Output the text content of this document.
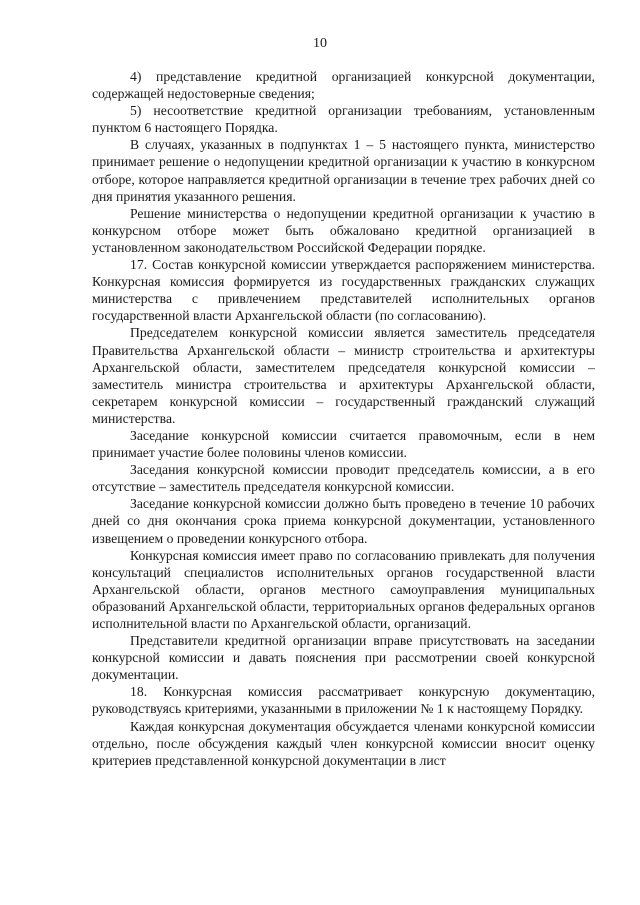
10

4) представление кредитной организацией конкурсной документации, содержащей недостоверные сведения;

5) несоответствие кредитной организации требованиям, установленным пунктом 6 настоящего Порядка.

В случаях, указанных в подпунктах 1 – 5 настоящего пункта, министерство принимает решение о недопущении кредитной организации к участию в конкурсном отборе, которое направляется кредитной организации в течение трех рабочих дней со дня принятия указанного решения.

Решение министерства о недопущении кредитной организации к участию в конкурсном отборе может быть обжаловано кредитной организацией в установленном законодательством Российской Федерации порядке.

17. Состав конкурсной комиссии утверждается распоряжением министерства. Конкурсная комиссия формируется из государственных гражданских служащих министерства с привлечением представителей исполнительных органов государственной власти Архангельской области (по согласованию).

Председателем конкурсной комиссии является заместитель председателя Правительства Архангельской области – министр строительства и архитектуры Архангельской области, заместителем председателя конкурсной комиссии – заместитель министра строительства и архитектуры Архангельской области, секретарем конкурсной комиссии – государственный гражданский служащий министерства.

Заседание конкурсной комиссии считается правомочным, если в нем принимает участие более половины членов комиссии.

Заседания конкурсной комиссии проводит председатель комиссии, а в его отсутствие – заместитель председателя конкурсной комиссии.

Заседание конкурсной комиссии должно быть проведено в течение 10 рабочих дней со дня окончания срока приема конкурсной документации, установленного извещением о проведении конкурсного отбора.

Конкурсная комиссия имеет право по согласованию привлекать для получения консультаций специалистов исполнительных органов государственной власти Архангельской области, органов местного самоуправления муниципальных образований Архангельской области, территориальных органов федеральных органов исполнительной власти по Архангельской области, организаций.

Представители кредитной организации вправе присутствовать на заседании конкурсной комиссии и давать пояснения при рассмотрении своей конкурсной документации.

18. Конкурсная комиссия рассматривает конкурсную документацию, руководствуясь критериями, указанными в приложении № 1 к настоящему Порядку.

Каждая конкурсная документация обсуждается членами конкурсной комиссии отдельно, после обсуждения каждый член конкурсной комиссии вносит оценку критериев представленной конкурсной документации в лист
